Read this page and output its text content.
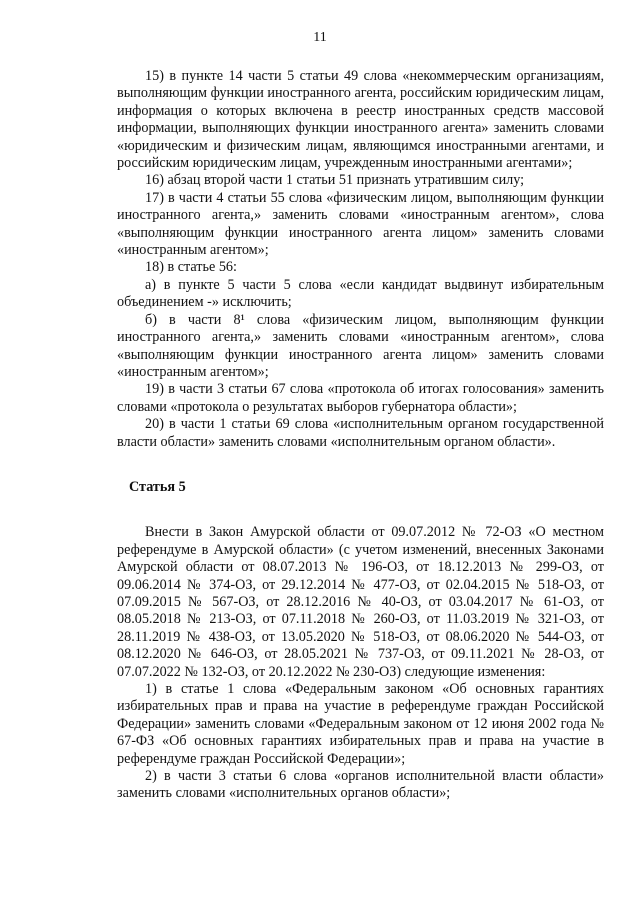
11

15) в пункте 14 части 5 статьи 49 слова «некоммерческим организациям, выполняющим функции иностранного агента, российским юридическим лицам, информация о которых включена в реестр иностранных средств массовой информации, выполняющих функции иностранного агента» заменить словами «юридическим и физическим лицам, являющимся иностранными агентами, и российским юридическим лицам, учрежденным иностранными агентами»;

16) абзац второй части 1 статьи 51 признать утратившим силу;

17) в части 4 статьи 55 слова «физическим лицом, выполняющим функции иностранного агента,» заменить словами «иностранным агентом», слова «выполняющим функции иностранного агента лицом» заменить словами «иностранным агентом»;

18) в статье 56:

а) в пункте 5 части 5 слова «если кандидат выдвинут избирательным объединением -» исключить;

б) в части 8¹ слова «физическим лицом, выполняющим функции иностранного агента,» заменить словами «иностранным агентом», слова «выполняющим функции иностранного агента лицом» заменить словами «иностранным агентом»;

19) в части 3 статьи 67 слова «протокола об итогах голосования» заменить словами «протокола о результатах выборов губернатора области»;

20) в части 1 статьи 69 слова «исполнительным органом государственной власти области» заменить словами «исполнительным органом области».

Статья 5

Внести в Закон Амурской области от 09.07.2012 № 72-ОЗ «О местном референдуме в Амурской области» (с учетом изменений, внесенных Законами Амурской области от 08.07.2013 № 196-ОЗ, от 18.12.2013 № 299-ОЗ, от 09.06.2014 № 374-ОЗ, от 29.12.2014 № 477-ОЗ, от 02.04.2015 № 518-ОЗ, от 07.09.2015 № 567-ОЗ, от 28.12.2016 № 40-ОЗ, от 03.04.2017 № 61-ОЗ, от 08.05.2018 № 213-ОЗ, от 07.11.2018 № 260-ОЗ, от 11.03.2019 № 321-ОЗ, от 28.11.2019 № 438-ОЗ, от 13.05.2020 № 518-ОЗ, от 08.06.2020 № 544-ОЗ, от 08.12.2020 № 646-ОЗ, от 28.05.2021 № 737-ОЗ, от 09.11.2021 № 28-ОЗ, от 07.07.2022 № 132-ОЗ, от 20.12.2022 № 230-ОЗ) следующие изменения:

1) в статье 1 слова «Федеральным законом «Об основных гарантиях избирательных прав и права на участие в референдуме граждан Российской Федерации» заменить словами «Федеральным законом от 12 июня 2002 года № 67-ФЗ «Об основных гарантиях избирательных прав и права на участие в референдуме граждан Российской Федерации»;

2) в части 3 статьи 6 слова «органов исполнительной власти области» заменить словами «исполнительных органов области»;
